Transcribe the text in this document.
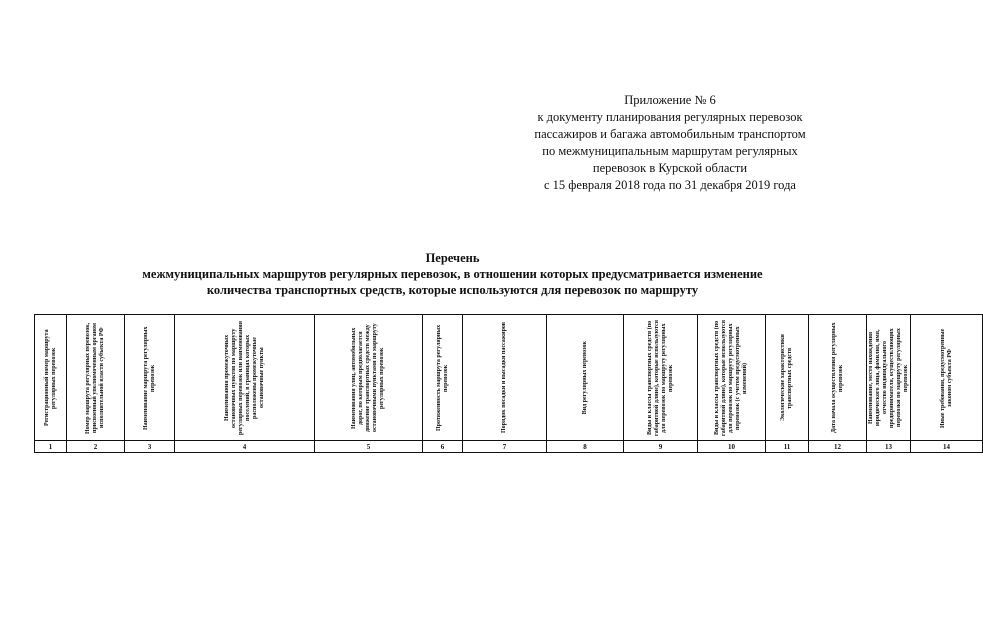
Приложение № 6
к документу планирования регулярных перевозок
пассажиров и багажа автомобильным транспортом
по межмуниципальным маршрутам регулярных
перевозок в Курской области
с 15 февраля 2018 года по 31 декабря 2019 года
Перечень
межмуниципальных маршрутов регулярных перевозок, в отношении которых предусматривается изменение
количества транспортных средств, которые используются для перевозок по маршруту
Регистрационный номер маршрута регулярных перевозок	Номер маршрута регулярных перевозок, присвоенный уполномоченным органом исполнительной власти субъекта РФ	Наименование маршрута регулярных перевозок	Наименования промежуточных остановочных пунктов по маршруту регулярных перевозок или наименования поселений, в границах которых расположены промежуточные остановочные пункты	Наименования улиц, автомобильных дорог, по которым предполагается движение транспортных средств между остановочными пунктами по маршруту регулярных перевозок	Протяженность маршрута регулярных перевозок	Порядок посадки и высадки пассажиров	Вид регулярных перевозок	Виды и классы транспортных средств (по габаритной длине), которые используются для перевозок по маршруту регулярных перевозок	Виды и классы транспортных средств (по габаритной длине), которые используются для перевозок по маршруту регулярных перевозок (с учетом предусмотренных изменений)	Экологические характеристики транспортных средств	Дата начала осуществления регулярных перевозок	Наименование, место нахождения юридического лица, фамилия, имя, отчество индивидуального предпринимателя, осуществляющих перевозки по маршруту регулярных перевозок	Иные требования, предусмотренные законом субъекта РФ

1	2	3	4	5	6	7	8	9	10	11	12	13	14
